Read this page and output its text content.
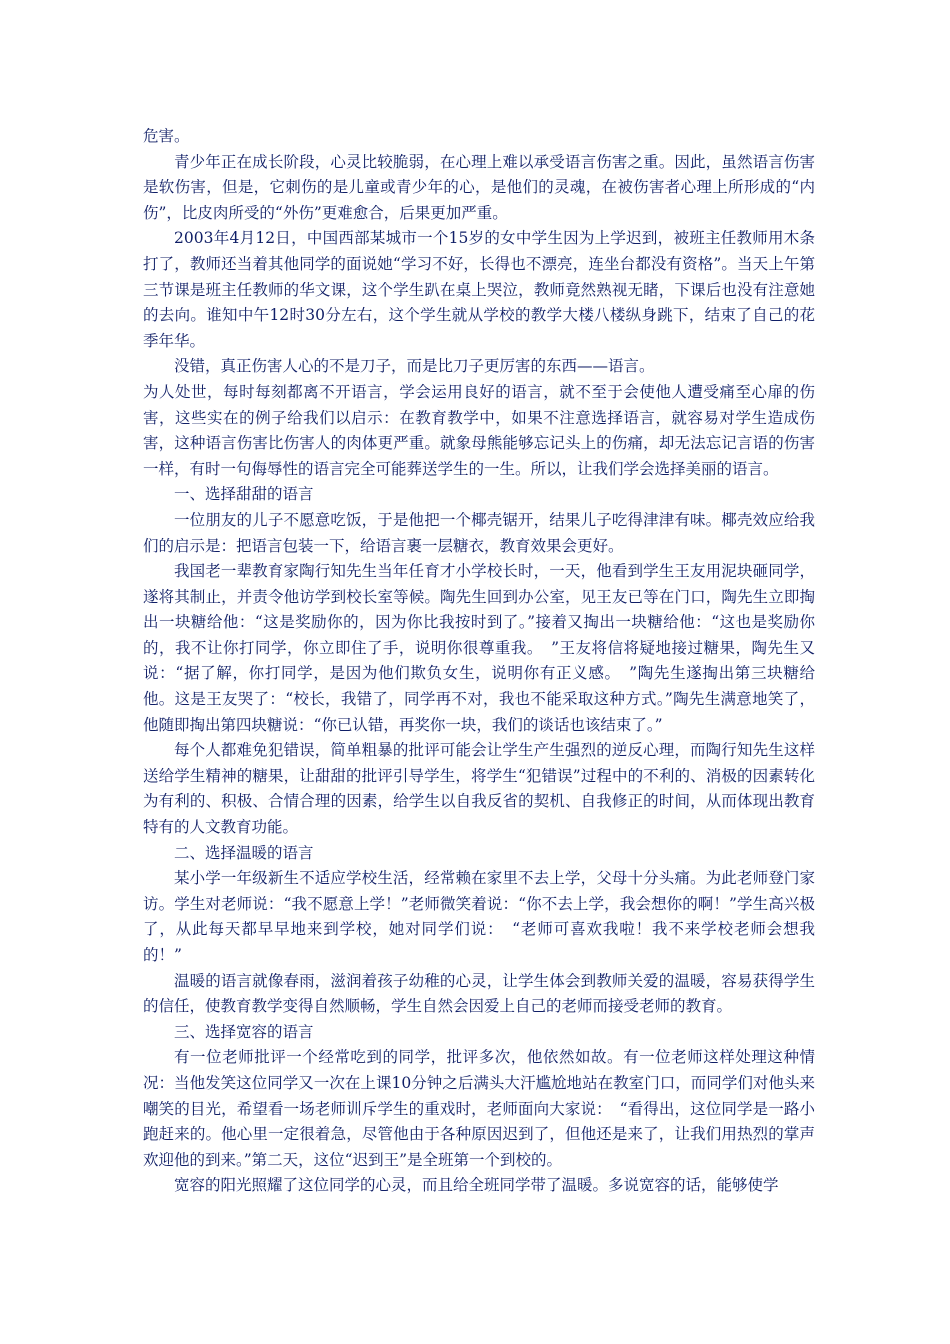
危害。

青少年正在成长阶段，心灵比较脆弱，在心理上难以承受语言伤害之重。因此，虽然语言伤害是软伤害，但是，它刺伤的是儿童或青少年的心，是他们的灵魂，在被伤害者心理上所形成的“内伤”，比皮肉所受的“外伤”更难愈合，后果更加严重。

2003年4月12日，中国西部某城市一个15岁的女中学生因为上学迟到，被班主任教师用木条打了，教师还当着其他同学的面说她“学习不好，长得也不漂亮，连坐台都没有资格”。当天上午第三节课是班主任教师的华文课，这个学生趴在桌上哭泣，教师竟然熟视无睹，下课后也没有注意她的去向。谁知中午12时30分左右，这个学生就从学校的教学大楼八楼纵身跳下，结束了自己的花季年华。

没错，真正伤害人心的不是刀子，而是比刀子更厉害的东西——语言。

为人处世，每时每刻都离不开语言，学会运用良好的语言，就不至于会使他人遭受痛至心扉的伤害，这些实在的例子给我们以启示：在教育教学中，如果不注意选择语言，就容易对学生造成伤害，这种语言伤害比伤害人的肉体更严重。就象母熊能够忘记头上的伤痛，却无法忘记言语的伤害一样，有时一句侮辱性的语言完全可能葬送学生的一生。所以，让我们学会选择美丽的语言。

一、选择甜甜的语言

一位朋友的儿子不愿意吃饭，于是他把一个椰壳锯开，结果儿子吃得津津有味。椰壳效应给我们的启示是：把语言包装一下，给语言裹一层糖衣，教育效果会更好。

我国老一辈教育家陶行知先生当年任育才小学校长时，一天，他看到学生王友用泥块砸同学，遂将其制止，并责令他访学到校长室等候。陶先生回到办公室，见王友已等在门口，陶先生立即掏出一块糖给他：“这是奖励你的，因为你比我按时到了。”接着又掏出一块糖给他：“这也是奖励你的，我不让你打同学，你立即住了手，说明你很尊重我。　”王友将信将疑地接过糖果，陶先生又说：“据了解，你打同学，是因为他们欺负女生，说明你有正义感。　”陶先生遂掏出第三块糖给他。这是王友哭了：“校长，我错了，同学再不对，我也不能采取这种方式。”陶先生满意地笑了，他随即掏出第四块糖说：“你已认错，再奖你一块，我们的谈话也该结束了。”

每个人都难免犯错误，简单粗暴的批评可能会让学生产生强烈的逆反心理，而陶行知先生这样送给学生精神的糖果，让甜甜的批评引导学生，将学生“犯错误”过程中的不利的、消极的因素转化为有利的、积极、合情合理的因素，给学生以自我反省的契机、自我修正的时间，从而体现出教育特有的人文教育功能。

二、选择温暖的语言

某小学一年级新生不适应学校生活，经常赖在家里不去上学，父母十分头痛。为此老师登门家访。学生对老师说：“我不愿意上学！”老师微笑着说：“你不去上学，我会想你的啊！”学生高兴极了，从此每天都早早地来到学校，她对同学们说：　“老师可喜欢我啦！我不来学校老师会想我的！”

温暖的语言就像春雨，滋润着孩子幼稚的心灵，让学生体会到教师关爱的温暖，容易获得学生的信任，使教育教学变得自然顺畅，学生自然会因爱上自己的老师而接受老师的教育。

三、选择宽容的语言

有一位老师批评一个经常吃到的同学，批评多次，他依然如故。有一位老师这样处理这种情况：当他发笑这位同学又一次在上课10分钟之后满头大汗尴尬地站在教室门口，而同学们对他头来嘲笑的目光，希望看一场老师训斥学生的重戏时，老师面向大家说：　“看得出，这位同学是一路小跑赶来的。他心里一定很着急，尽管他由于各种原因迟到了，但他还是来了，让我们用热烈的掌声欢迎他的到来。”第二天，这位“迟到王”是全班第一个到校的。

宽容的阳光照耀了这位同学的心灵，而且给全班同学带了温暖。多说宽容的话，能够使学
